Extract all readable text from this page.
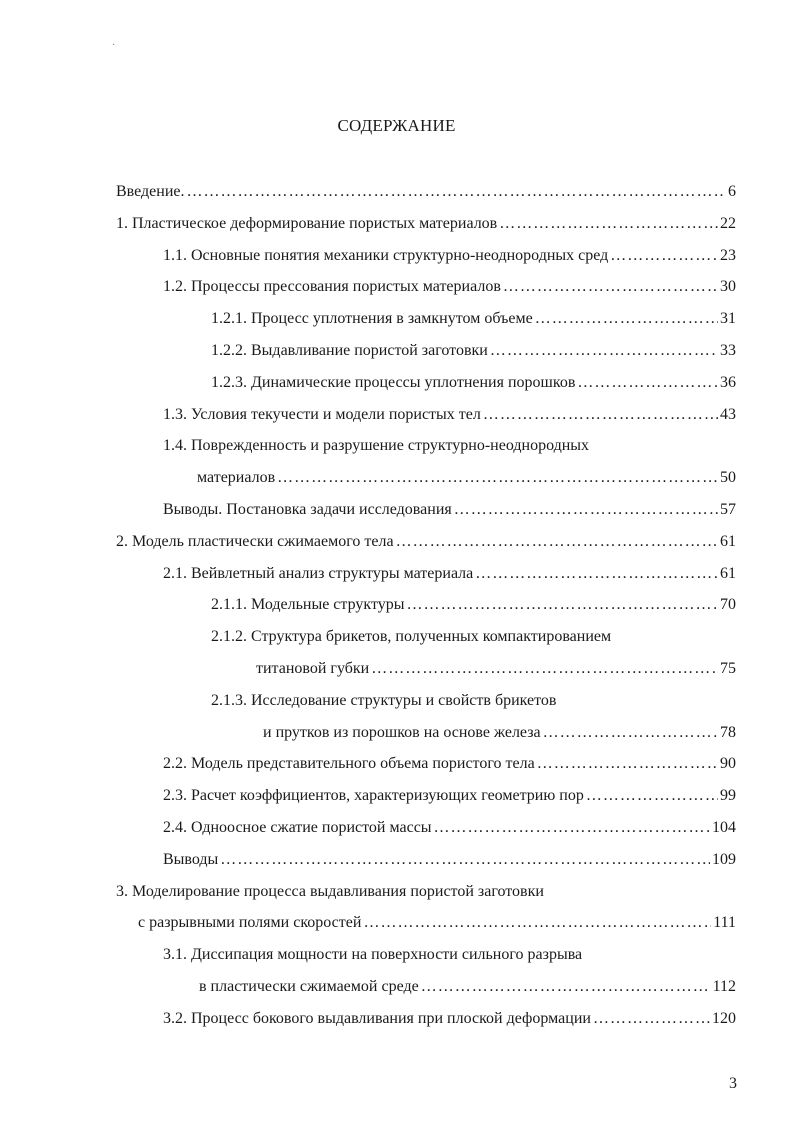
·
СОДЕРЖАНИЕ
Введение. ……………………………………………………………………………………………………………………………………………	6
1. Пластическое деформирование пористых материалов ……………………………………………………………………………………………………………………………………………	22
1.1. Основные понятия механики структурно-неоднородных сред ……………………………………………………………………………………………………………………………………………	23
1.2. Процессы прессования пористых материалов ……………………………………………………………………………………………………………………………………………	30
1.2.1. Процесс уплотнения в замкнутом объеме ……………………………………………………………………………………………………………………………………………	31
1.2.2. Выдавливание пористой заготовки ……………………………………………………………………………………………………………………………………………	33
1.2.3. Динамические процессы уплотнения порошков ……………………………………………………………………………………………………………………………………………	36
1.3. Условия текучести и модели пористых тел ……………………………………………………………………………………………………………………………………………	43
1.4. Поврежденность и разрушение структурно-неоднородных
материалов ……………………………………………………………………………………………………………………………………………	50
Выводы. Постановка задачи исследования ……………………………………………………………………………………………………………………………………………	57
2. Модель пластически сжимаемого тела ……………………………………………………………………………………………………………………………………………	61
2.1. Вейвлетный анализ структуры материала ……………………………………………………………………………………………………………………………………………	61
2.1.1. Модельные структуры ……………………………………………………………………………………………………………………………………………	70
2.1.2. Структура брикетов, полученных компактированием
титановой губки ……………………………………………………………………………………………………………………………………………	75
2.1.3. Исследование структуры и свойств брикетов
и прутков из порошков на основе железа ……………………………………………………………………………………………………………………………………………	78
2.2. Модель представительного объема пористого тела ……………………………………………………………………………………………………………………………………………	90
2.3. Расчет коэффициентов, характеризующих геометрию пор ……………………………………………………………………………………………………………………………………………	99
2.4. Одноосное сжатие пористой массы ……………………………………………………………………………………………………………………………………………	104
Выводы ……………………………………………………………………………………………………………………………………………	109
3. Моделирование процесса выдавливания пористой заготовки
с разрывными полями скоростей ……………………………………………………………………………………………………………………………………………	111
3.1. Диссипация мощности на поверхности сильного разрыва
в пластически сжимаемой среде ……………………………………………………………………………………………………………………………………………	112
3.2. Процесс бокового выдавливания при плоской деформации ……………………………………………………………………………………………………………………………………………	120
3
